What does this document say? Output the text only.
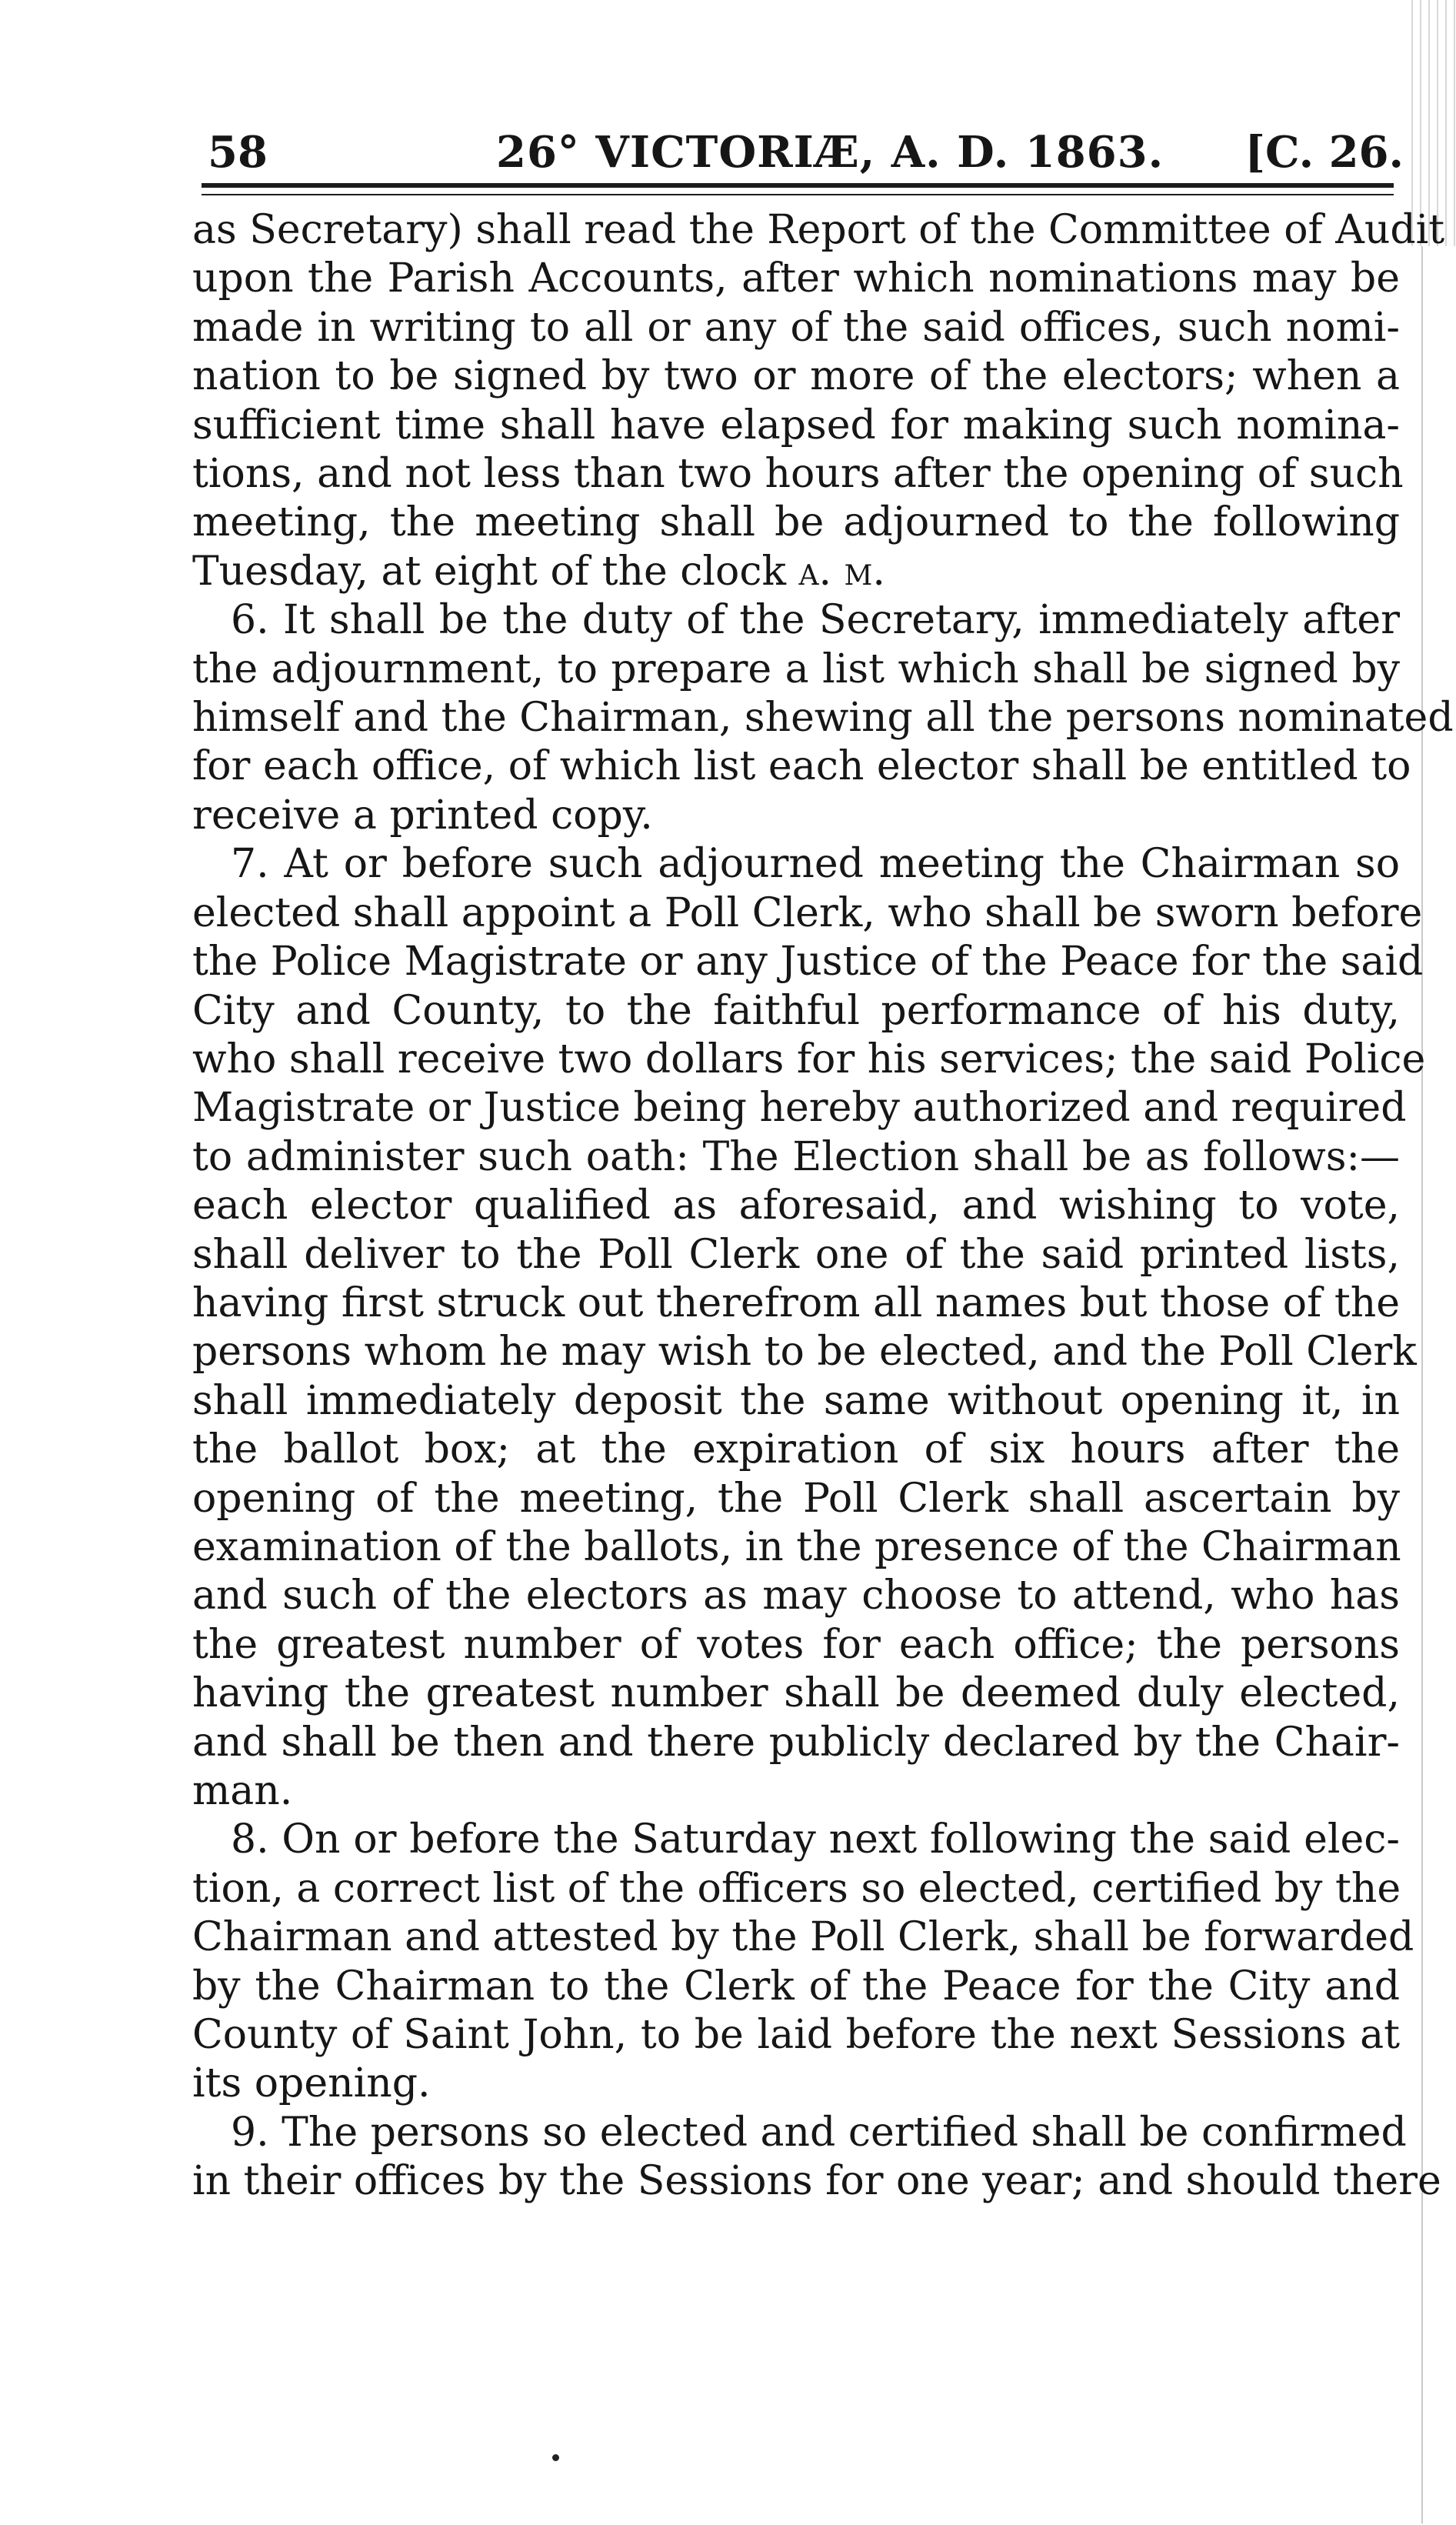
58	26° VICTORIÆ, A. D. 1863. [C. 26.

as Secretary) shall read the Report of the Committee of Audit
upon the Parish Accounts, after which nominations may be
made in writing to all or any of the said offices, such nomi-
nation to be signed by two or more of the electors; when a
sufficient time shall have elapsed for making such nomina-
tions, and not less than two hours after the opening of such
meeting, the meeting shall be adjourned to the following
Tuesday, at eight of the clock a. m.

6. It shall be the duty of the Secretary, immediately after
the adjournment, to prepare a list which shall be signed by
himself and the Chairman, shewing all the persons nominated
for each office, of which list each elector shall be entitled to
receive a printed copy.

7. At or before such adjourned meeting the Chairman so
elected shall appoint a Poll Clerk, who shall be sworn before
the Police Magistrate or any Justice of the Peace for the said
City and County, to the faithful performance of his duty,
who shall receive two dollars for his services; the said Police
Magistrate or Justice being hereby authorized and required
to administer such oath: The Election shall be as follows:—
each elector qualified as aforesaid, and wishing to vote,
shall deliver to the Poll Clerk one of the said printed lists,
having first struck out therefrom all names but those of the
persons whom he may wish to be elected, and the Poll Clerk
shall immediately deposit the same without opening it, in
the ballot box; at the expiration of six hours after the
opening of the meeting, the Poll Clerk shall ascertain by
examination of the ballots, in the presence of the Chairman
and such of the electors as may choose to attend, who has
the greatest number of votes for each office; the persons
having the greatest number shall be deemed duly elected,
and shall be then and there publicly declared by the Chair-
man.

8. On or before the Saturday next following the said elec-
tion, a correct list of the officers so elected, certified by the
Chairman and attested by the Poll Clerk, shall be forwarded
by the Chairman to the Clerk of the Peace for the City and
County of Saint John, to be laid before the next Sessions at
its opening.

9. The persons so elected and certified shall be confirmed
in their offices by the Sessions for one year; and should there
